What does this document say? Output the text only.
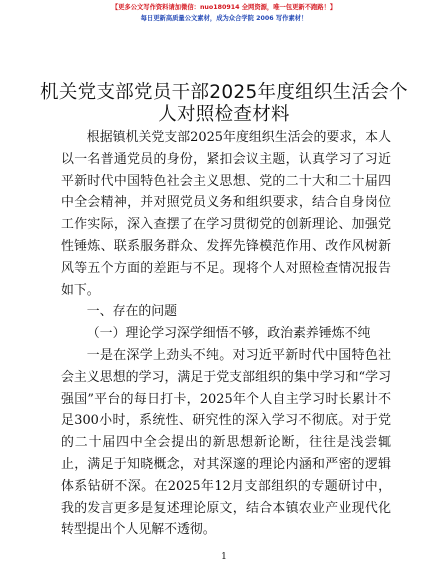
【更多公文写作资料请加微信：nuo180914 全网资源，唯一包更新不跑路！】
每日更新高质量公文素材，成为众合学院 2006 写作素材！
机关党支部党员干部2025年度组织生活会个人对照检查材料

根据镇机关党支部2025年度组织生活会的要求，本人以一名普通党员的身份，紧扣会议主题，认真学习了习近平新时代中国特色社会主义思想、党的二十大和二十届四中全会精神，并对照党员义务和组织要求，结合自身岗位工作实际，深入查摆了在学习贯彻党的创新理论、加强党性锤炼、联系服务群众、发挥先锋模范作用、改作风树新风等五个方面的差距与不足。现将个人对照检查情况报告如下。

一、存在的问题

（一）理论学习深学细悟不够，政治素养锤炼不纯

一是在深学上劲头不纯。对习近平新时代中国特色社会主义思想的学习，满足于党支部组织的集中学习和“学习强国”平台的每日打卡，2025年个人自主学习时长累计不足300小时，系统性、研究性的深入学习不彻底。对于党的二十届四中全会提出的新思想新论断，往往是浅尝辄止，满足于知晓概念，对其深邃的理论内涵和严密的逻辑体系钻研不深。在2025年12月支部组织的专题研讨中，我的发言更多是复述理论原文，结合本镇农业产业现代化转型提出个人见解不透彻。

1
